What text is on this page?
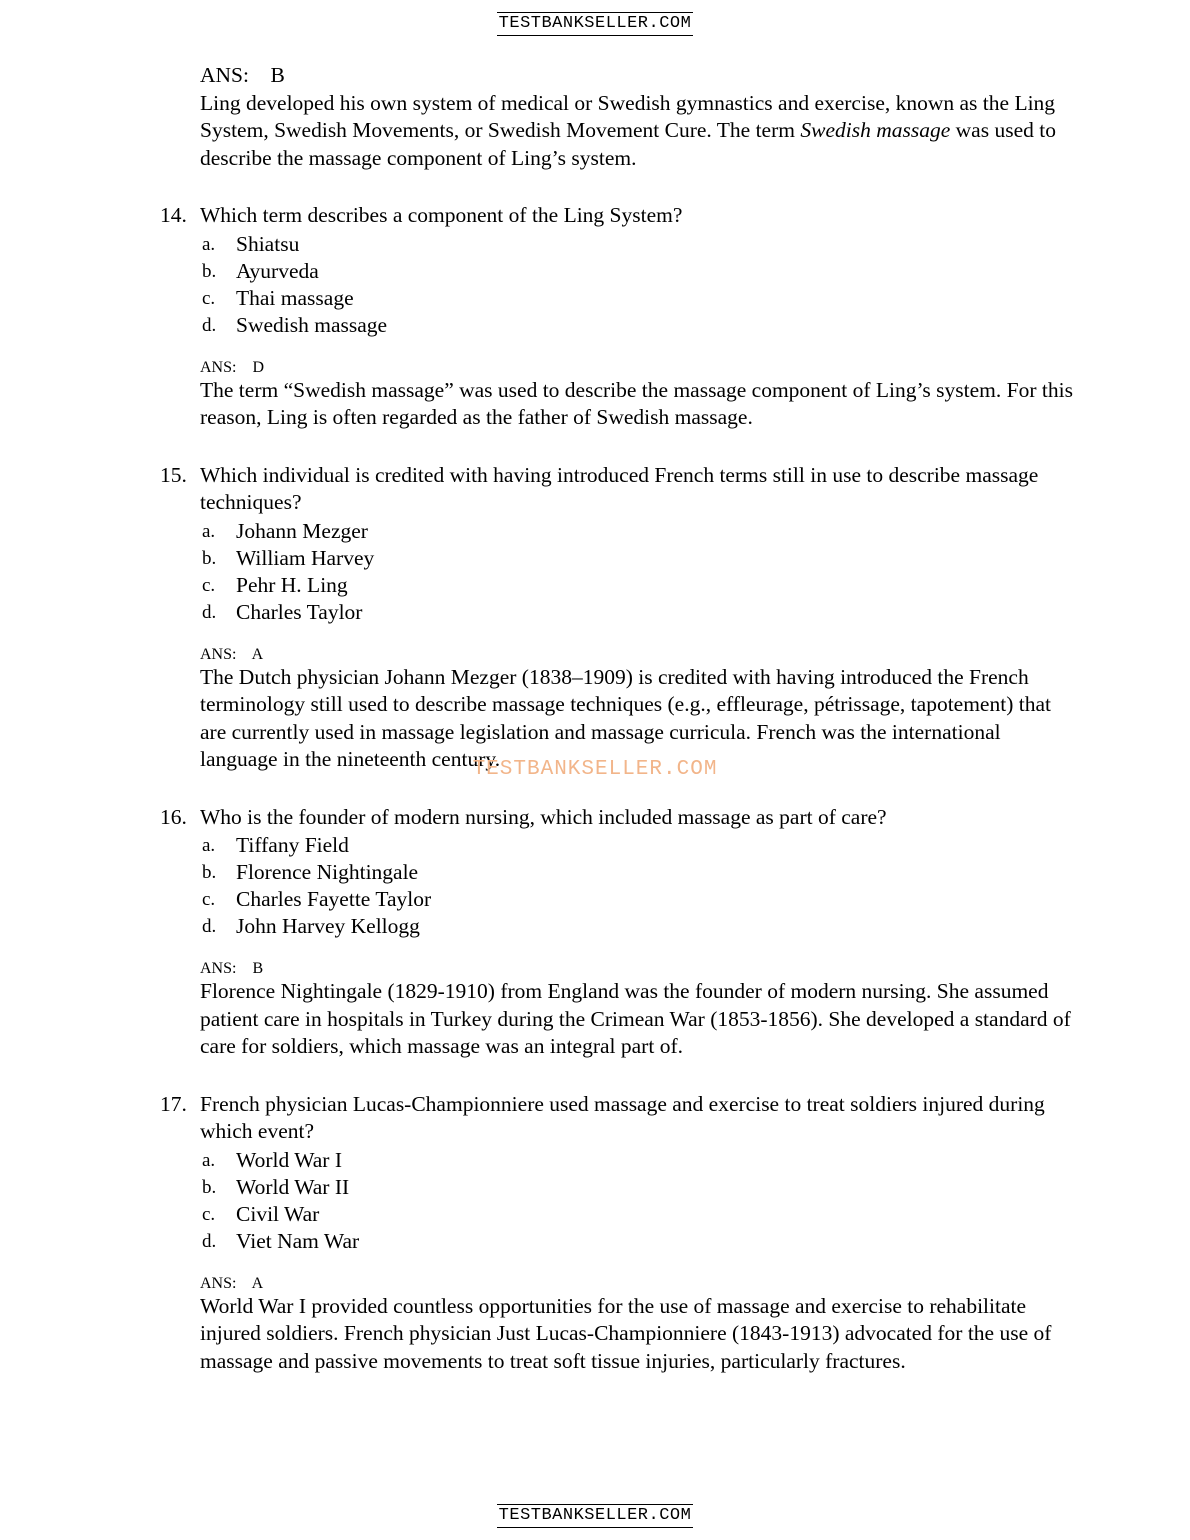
TESTBANKSELLER.COM
ANS: B
Ling developed his own system of medical or Swedish gymnastics and exercise, known as the Ling System, Swedish Movements, or Swedish Movement Cure. The term Swedish massage was used to describe the massage component of Ling’s system.
14. Which term describes a component of the Ling System?
a. Shiatsu
b. Ayurveda
c. Thai massage
d. Swedish massage
ANS: D
The term “Swedish massage” was used to describe the massage component of Ling’s system. For this reason, Ling is often regarded as the father of Swedish massage.
15. Which individual is credited with having introduced French terms still in use to describe massage techniques?
a. Johann Mezger
b. William Harvey
c. Pehr H. Ling
d. Charles Taylor
ANS: A
The Dutch physician Johann Mezger (1838–1909) is credited with having introduced the French terminology still used to describe massage techniques (e.g., effleurage, pétrissage, tapotement) that are currently used in massage legislation and massage curricula. French was the international language in the nineteenth century.
16. Who is the founder of modern nursing, which included massage as part of care?
a. Tiffany Field
b. Florence Nightingale
c. Charles Fayette Taylor
d. John Harvey Kellogg
ANS: B
Florence Nightingale (1829-1910) from England was the founder of modern nursing. She assumed patient care in hospitals in Turkey during the Crimean War (1853-1856). She developed a standard of care for soldiers, which massage was an integral part of.
17. French physician Lucas-Championniere used massage and exercise to treat soldiers injured during which event?
a. World War I
b. World War II
c. Civil War
d. Viet Nam War
ANS: A
World War I provided countless opportunities for the use of massage and exercise to rehabilitate injured soldiers. French physician Just Lucas-Championniere (1843-1913) advocated for the use of massage and passive movements to treat soft tissue injuries, particularly fractures.
TESTBANKSELLER.COM
TESTBANKSELLER.COM
